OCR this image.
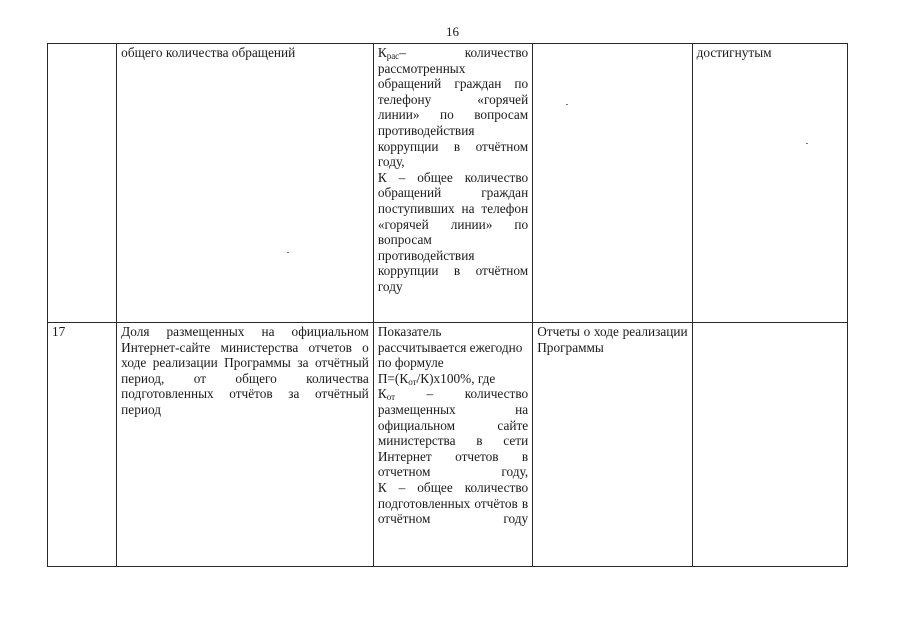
16
	общего количества обращений	$К_{рас}-$ количество рассмотренных обращений граждан по телефону «горячей линии» по вопросам противодействия коррупции в отчётном году,
К – общее количество обращений граждан поступивших на телефон «горячей линии» по вопросам противодействия коррупции в отчётном году		достигнутым
17	Доля размещенных на официальном Интернет-сайте министерства отчетов о ходе реализации Программы за отчётный период, от общего количества подготовленных отчётов за отчётный период	Показатель рассчитывается ежегодно по формуле
$П=(К_{от}/К)х100\%$, где
$К_{от}$ – количество размещенных на официальном сайте министерства в сети Интернет отчетов в отчетном году,
К – общее количество подготовленных отчётов в отчётном году	Отчеты о ходе реализации Программы	
